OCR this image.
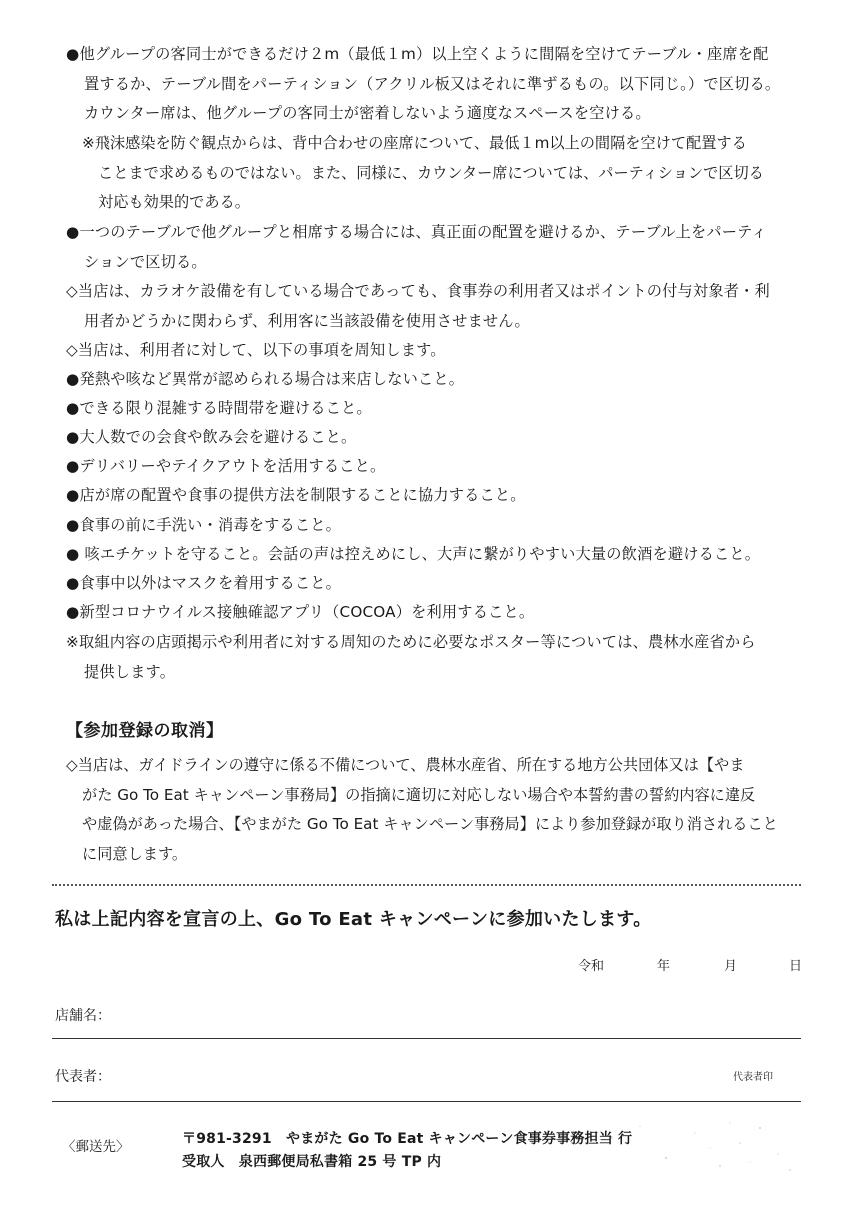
●他グループの客同士ができるだけ２m（最低１m）以上空くように間隔を空けてテーブル・座席を配
置するか、テーブル間をパーティション（アクリル板又はそれに準ずるもの。以下同じ。）で区切る。
カウンター席は、他グループの客同士が密着しないよう適度なスペースを空ける。
※飛沫感染を防ぐ観点からは、背中合わせの座席について、最低１m以上の間隔を空けて配置する
ことまで求めるものではない。また、同様に、カウンター席については、パーティションで区切る
対応も効果的である。
●一つのテーブルで他グループと相席する場合には、真正面の配置を避けるか、テーブル上をパーティ
ションで区切る。
◇当店は、カラオケ設備を有している場合であっても、食事券の利用者又はポイントの付与対象者・利
用者かどうかに関わらず、利用客に当該設備を使用させません。
◇当店は、利用者に対して、以下の事項を周知します。
●発熱や咳など異常が認められる場合は来店しないこと。
●できる限り混雑する時間帯を避けること。
●大人数での会食や飲み会を避けること。
●デリバリーやテイクアウトを活用すること。
●店が席の配置や食事の提供方法を制限することに協力すること。
●食事の前に手洗い・消毒をすること。
● 咳エチケットを守ること。会話の声は控えめにし、大声に繋がりやすい大量の飲酒を避けること。
●食事中以外はマスクを着用すること。
●新型コロナウイルス接触確認アプリ（COCOA）を利用すること。
※取組内容の店頭掲示や利用者に対する周知のために必要なポスター等については、農林水産省から
提供します。
【参加登録の取消】
◇当店は、ガイドラインの遵守に係る不備について、農林水産省、所在する地方公共団体又は【やま
がた Go To Eat キャンペーン事務局】の指摘に適切に対応しない場合や本誓約書の誓約内容に違反
や虚偽があった場合、【やまがた Go To Eat キャンペーン事務局】により参加登録が取り消されること
に同意します。
私は上記内容を宣言の上、Go To Eat キャンペーンに参加いたします。
令和	年	月	日
店舗名：
代表者：	代表者印
〈郵送先〉	〒981-3291　やまがた Go To Eat キャンペーン食事券事務担当 行
受取人　泉西郵便局私書箱 25 号 TP 内
